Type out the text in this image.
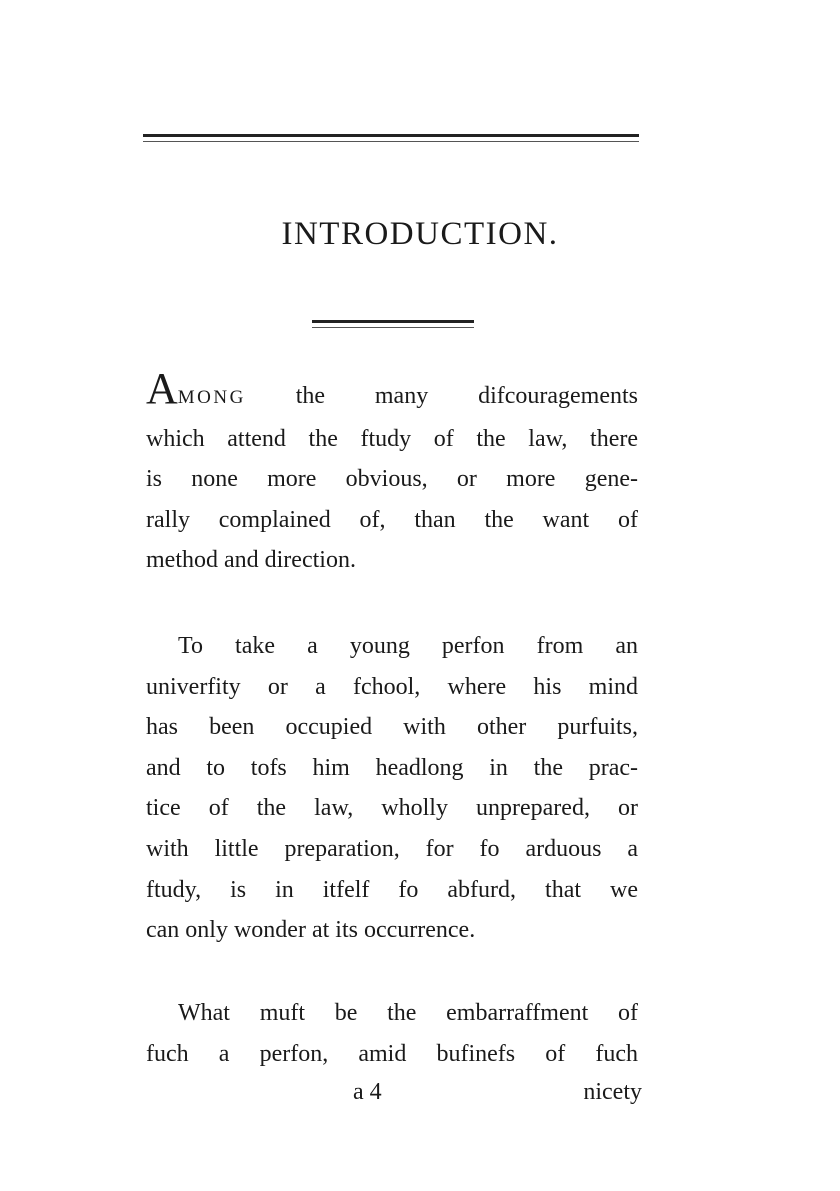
INTRODUCTION.
AMONG the many difcouragements
which attend the ftudy of the law, there
is none more obvious, or more gene-
rally complained of, than the want of
method and direction.
To take a young perfon from an
univerfity or a fchool, where his mind
has been occupied with other purfuits,
and to tofs him headlong in the prac-
tice of the law, wholly unprepared, or
with little preparation, for fo arduous a
ftudy, is in itfelf fo abfurd, that we
can only wonder at its occurrence.
What muft be the embarraffment of
fuch a perfon, amid bufinefs of fuch
a 4	nicety
